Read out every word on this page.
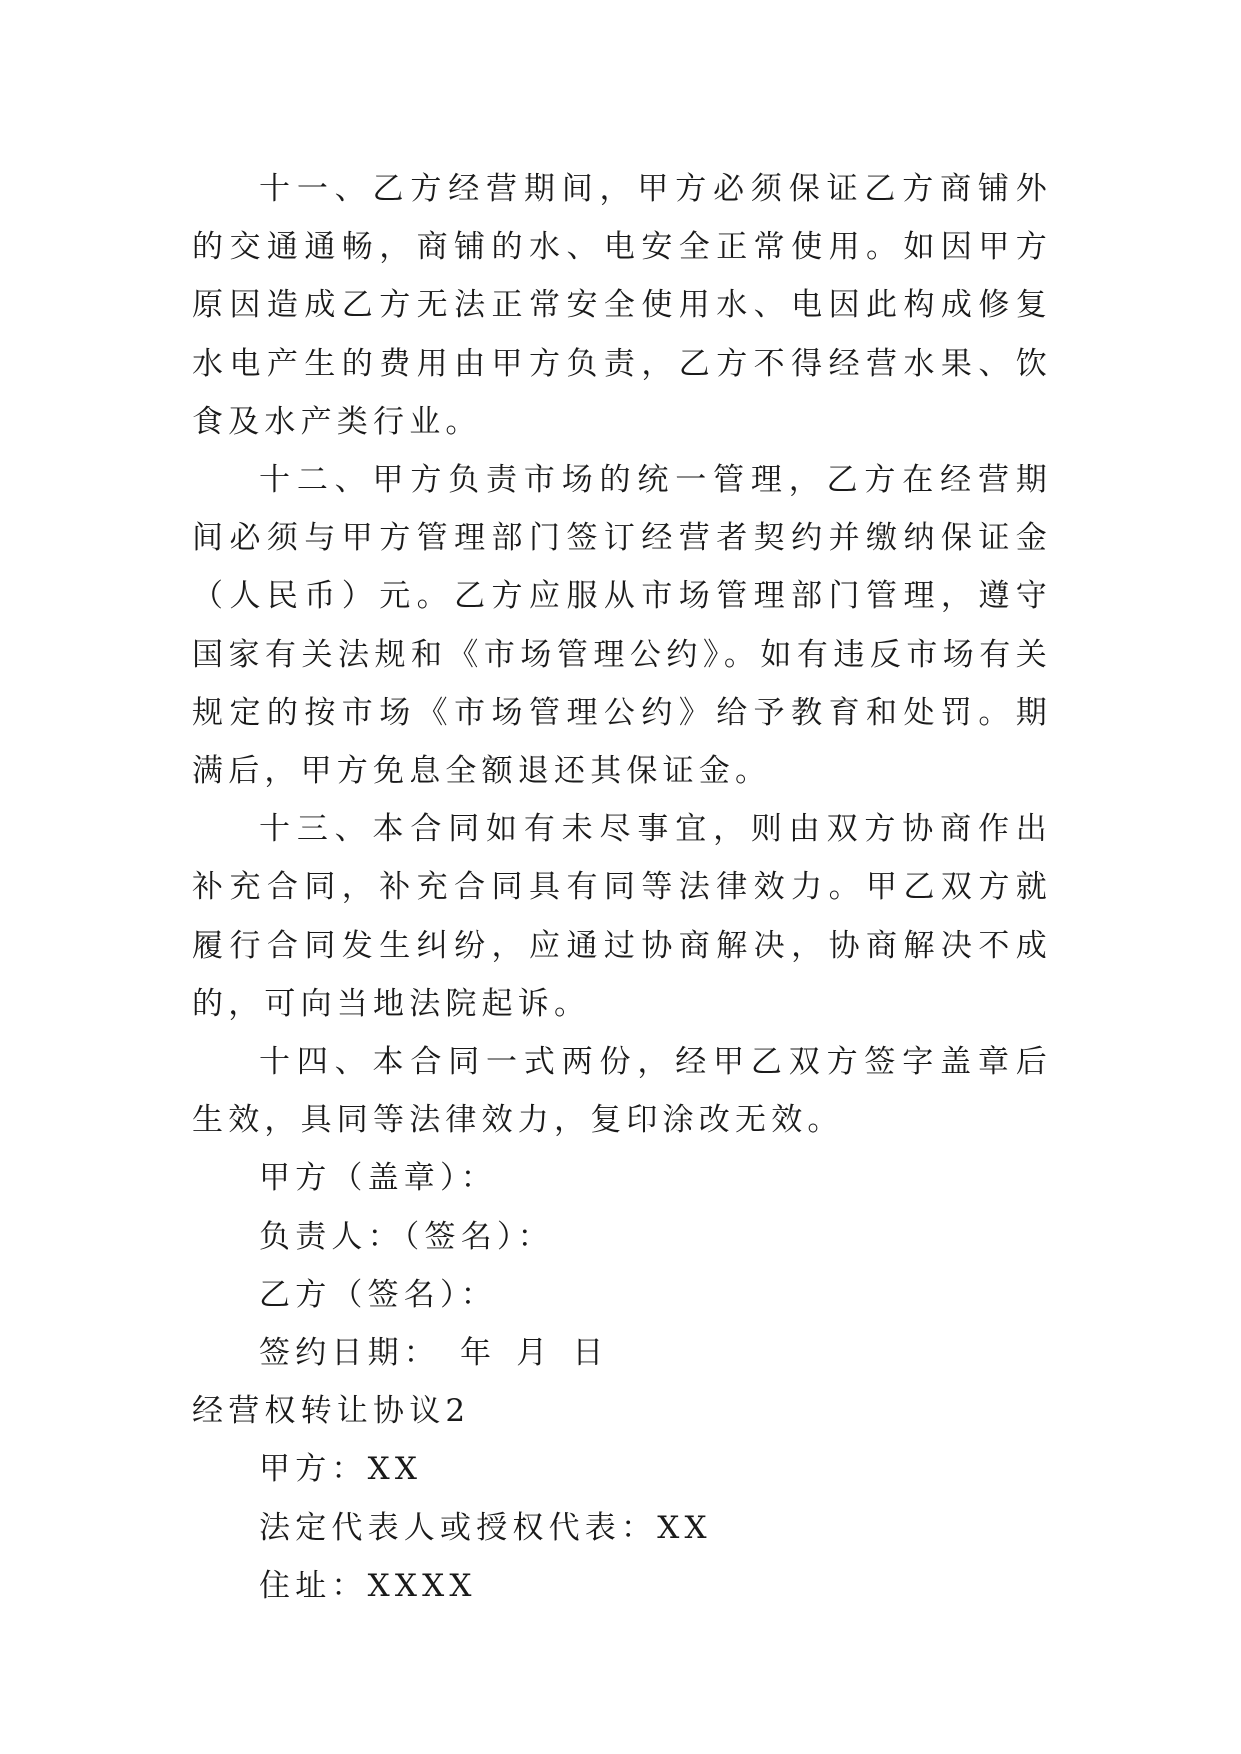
十一、乙方经营期间，甲方必须保证乙方商铺外的交通通畅，商铺的水、电安全正常使用。如因甲方原因造成乙方无法正常安全使用水、电因此构成修复水电产生的费用由甲方负责，乙方不得经营水果、饮食及水产类行业。

十二、甲方负责市场的统一管理，乙方在经营期间必须与甲方管理部门签订经营者契约并缴纳保证金（人民币）元。乙方应服从市场管理部门管理，遵守国家有关法规和《市场管理公约》。如有违反市场有关规定的按市场《市场管理公约》给予教育和处罚。期满后，甲方免息全额退还其保证金。

十三、本合同如有未尽事宜，则由双方协商作出补充合同，补充合同具有同等法律效力。甲乙双方就履行合同发生纠纷，应通过协商解决，协商解决不成的，可向当地法院起诉。

十四、本合同一式两份，经甲乙双方签字盖章后生效，具同等法律效力，复印涂改无效。

甲方（盖章）：

负责人：（签名）：

乙方（签名）：

签约日期： 年 月 日

经营权转让协议2

甲方：XX

法定代表人或授权代表：XX

住址：XXXX
